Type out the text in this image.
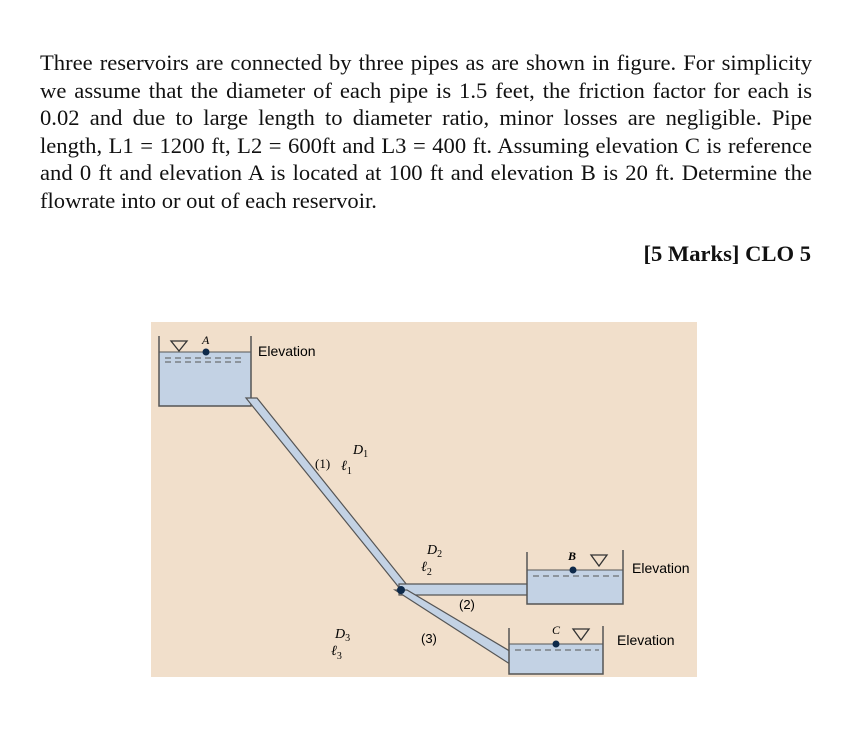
Three reservoirs are connected by three pipes as are shown in figure. For simplicity we assume that the diameter of each pipe is 1.5 feet, the friction factor for each is 0.02 and due to large length to diameter ratio, minor losses are negligible. Pipe length, L1 = 1200 ft, L2 = 600ft and L3 = 400 ft. Assuming elevation C is reference and 0 ft and elevation A is located at 100 ft and elevation B is 20 ft. Determine the flowrate into or out of each reservoir.
[5 Marks] CLO 5
A
Elevation
B
Elevation
C
Elevation
(1)
$D_1$
ℓ$_1$
$D_2$
ℓ$_2$
(2)
(3)
$D_3$
ℓ$_3$
